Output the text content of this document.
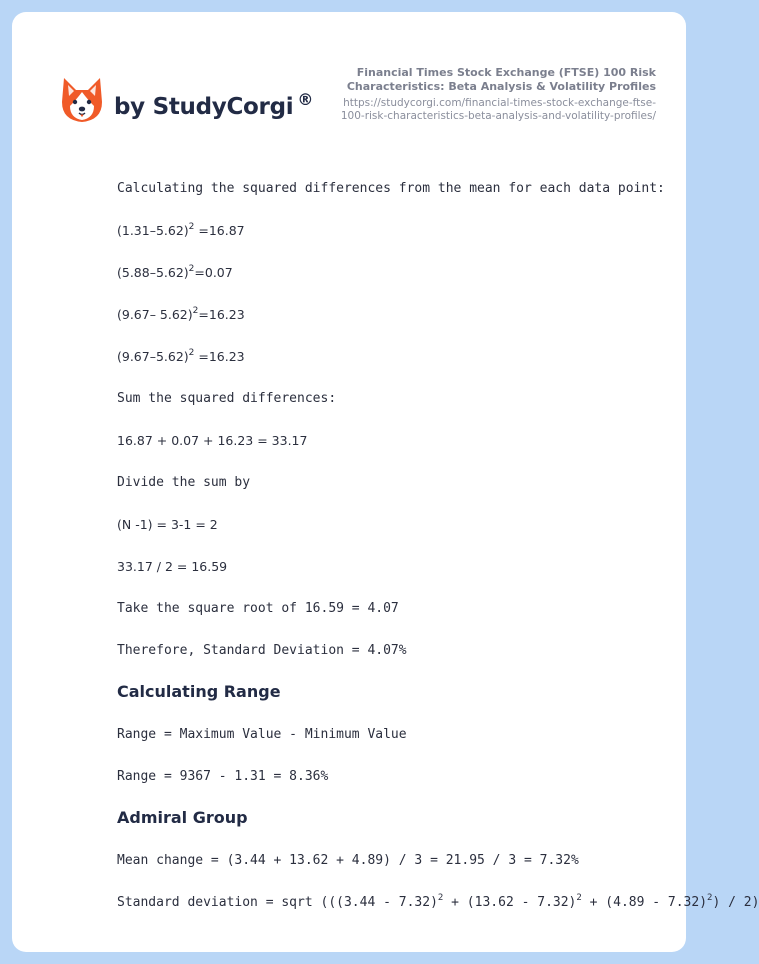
by StudyCorgi ®
Financial Times Stock Exchange (FTSE) 100 Risk
Characteristics: Beta Analysis & Volatility Profiles
https://studycorgi.com/financial-times-stock-exchange-ftse-
100-risk-characteristics-beta-analysis-and-volatility-profiles/
Calculating the squared differences from the mean for each data point:
$(1.31-5.62)^2 =16.87$
$(5.88-5.62)^2=0.07$
(9.67– 5.62)$^2$=16.23
$(9.67-5.62)^2 =16.23$
Sum the squared differences:
16.87 + 0.07 + 16.23 = 33.17
Divide the sum by
(N -1) = 3-1 = 2
33.17 / 2 = 16.59
Take the square root of 16.59 = 4.07
Therefore, Standard Deviation = 4.07%
Calculating Range
Range = Maximum Value - Minimum Value
Range = 9367 - 1.31 = 8.36%
Admiral Group
Mean change = (3.44 + 13.62 + 4.89) / 3 = 21.95 / 3 = 7.32%
Standard deviation = sqrt (((3.44 - 7.32)$^2$ + (13.62 - 7.32)$^2$ + (4.89 - 7.32)$^2$) / 2)
